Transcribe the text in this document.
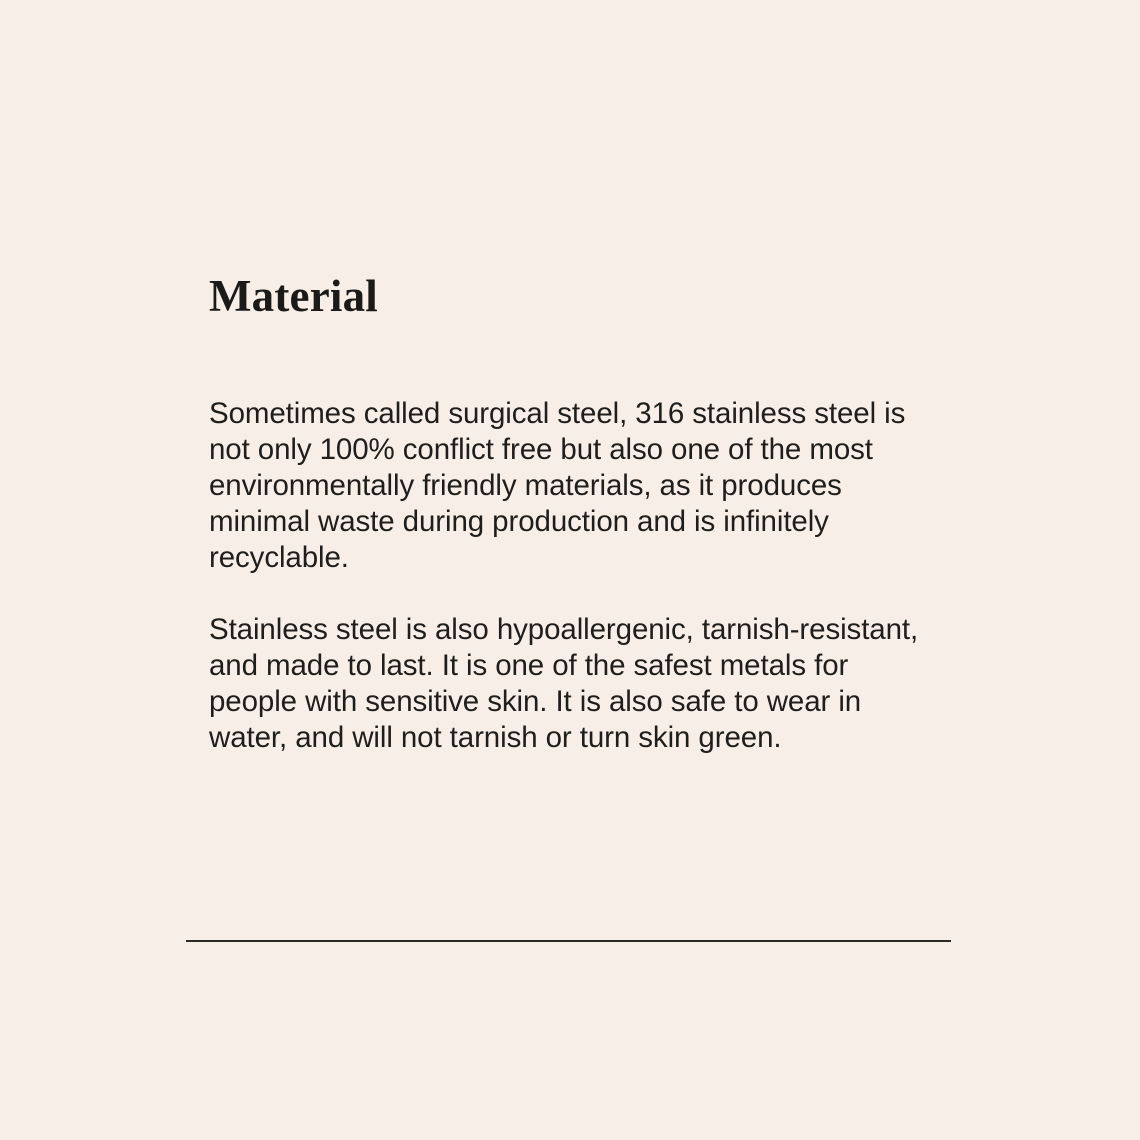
Material

Sometimes called surgical steel, 316 stainless steel is not only 100% conflict free but also one of the most environmentally friendly materials, as it produces minimal waste during production and is infinitely recyclable.

Stainless steel is also hypoallergenic, tarnish-resistant, and made to last. It is one of the safest metals for people with sensitive skin. It is also safe to wear in water, and will not tarnish or turn skin green.
